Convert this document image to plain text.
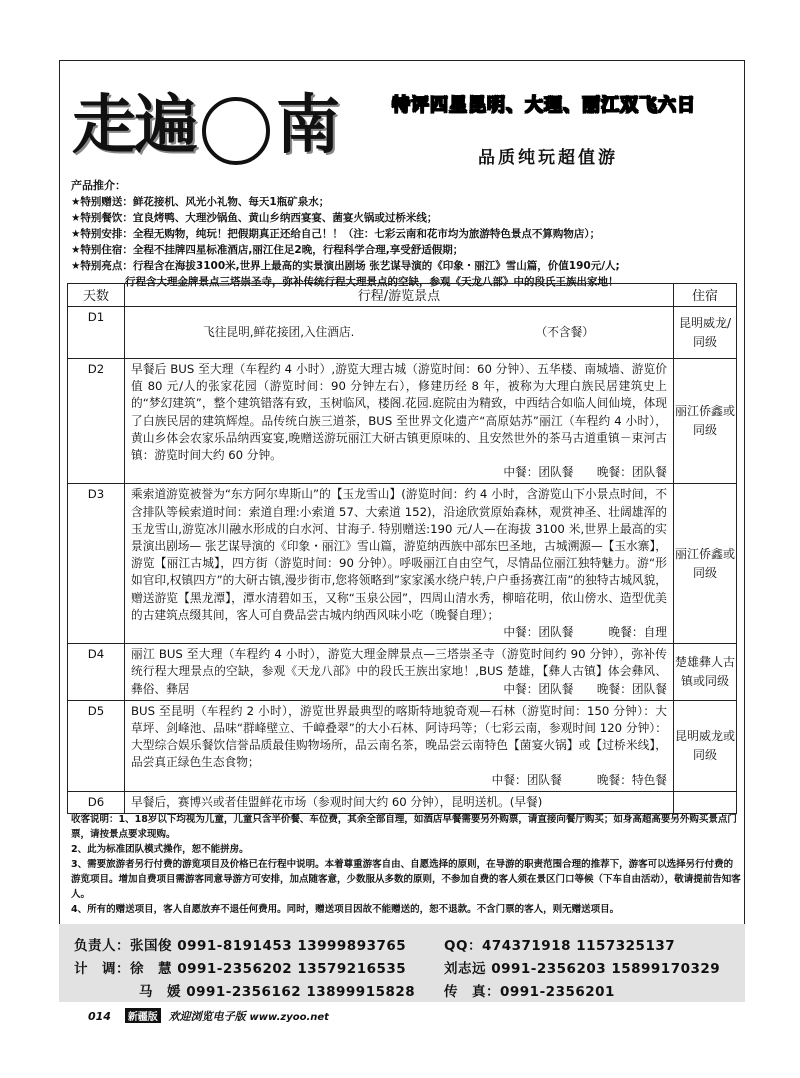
走遍 南	特评四星昆明、大理、丽江双飞六日
品质纯玩超值游
产品推介：
★特别赠送：鲜花接机、风光小礼物、每天1瓶矿泉水；
★特别餐饮：宜良烤鸭、大理沙锅鱼、黄山乡纳西宴宴、菌宴火锅或过桥米线；
★特别安排：全程无购物，纯玩！把假期真正还给自己！！（注：七彩云南和花市均为旅游特色景点不算购物店）；
★特别住宿：全程不挂牌四星标准酒店,丽江住足2晚，行程科学合理,享受舒适假期；
★特别亮点：行程含在海拔3100米,世界上最高的实景演出剧场 张艺谋导演的《印象・丽江》雪山篇，价值190元/人;
行程含大理金牌景点三塔崇圣寺，弥补传统行程大理景点的空缺，参观《天龙八部》中的段氏王族出家地！
天数	行程/游览景点	住宿
D1	飞往昆明,鲜花接团,入住酒店.　　　　　　　　　　　　　　　　（不含餐）	昆明威龙/同级
D2	早餐后 BUS 至大理（车程约 4 小时）,游览大理古城（游览时间：60 分钟）、五华楼、南城墙、游览价值 80 元/人的张家花园（游览时间：90 分钟左右），修建历经 8 年，被称为大理白族民居建筑史上的“梦幻建筑”，整个建筑错落有致，玉树临风，楼阁.花园.庭院由为精致，中西结合如临人间仙境，体现了白族民居的建筑辉煌。品传统白族三道茶，BUS 至世界文化遗产“高原姑苏”丽江（车程约 4 小时），黄山乡体会农家乐品纳西宴宴,晚赠送游玩丽江大研古镇更原味的、且安然世外的茶马古道重镇－束河古镇：游览时间大约 60 分钟。
中餐：团队餐　　晚餐：团队餐	丽江侨鑫或同级
D3	乘索道游览被誉为“东方阿尔卑斯山”的【玉龙雪山】(游览时间：约 4 小时，含游览山下小景点时间，不含排队等候索道时间：索道自理:小索道 57、大索道 152)，沿途欣赏原始森林，观赏神圣、壮阔雄浑的玉龙雪山,游览冰川融水形成的白水河、甘海子. 特别赠送:190 元/人—在海拔 3100 米,世界上最高的实景演出剧场— 张艺谋导演的《印象・丽江》雪山篇，游览纳西族中部东巴圣地，古城溯源—【玉水寨】，游览【丽江古城】，四方街（游览时间：90 分钟）。呼吸丽江自由空气，尽情品位丽江独特魅力。游“形如官印,权镇四方”的大研古镇,漫步街市,您将领略到”家家溪水绕户转,户户垂扬赛江南”的独特古城风貌，赠送游览【黑龙潭】，潭水清碧如玉，又称“玉泉公园”，四周山清水秀，柳暗花明，依山傍水、造型优美的古建筑点缀其间，客人可自费品尝古城内纳西风味小吃（晚餐自理）；
中餐：团队餐　　　晚餐：自理	丽江侨鑫或同级
D4	丽江 BUS 至大理（车程约 4 小时），游览大理金牌景点—三塔崇圣寺（游览时间约 90 分钟），弥补传统行程大理景点的空缺，参观《天龙八部》中的段氏王族出家地！,BUS 楚雄，【彝人古镇】体会彝风、彝俗、彝居 中餐：团队餐　　晚餐：团队餐	楚雄彝人古镇或同级
D5	BUS 至昆明（车程约 2 小时），游览世界最典型的喀斯特地貌奇观—石林（游览时间：150 分钟）：大草坪、剑峰池、品味“群峰壁立、千嶂叠翠”的大小石林、阿诗玛等；（七彩云南，参观时间 120 分钟）：大型综合娱乐餐饮信誉品质最佳购物场所，品云南名茶，晚品尝云南特色【菌宴火锅】或【过桥米线】，品尝真正绿色生态食物；
中餐：团队餐　　　晚餐：特色餐	昆明威龙或同级
D6	早餐后，赛博兴或者佳盟鲜花市场（参观时间大约 60 分钟），昆明送机。(早餐)	
收客说明：1、18岁以下均视为儿童，儿童只含半价餐、车位费，其余全部自理，如酒店早餐需要另外购票，请直接向餐厅购买；如身高超高要另外购买景点门票，请按景点要求现购。
2、此为标准团队模式操作，恕不能拼房。
3、需要旅游者另行付费的游览项目及价格已在行程中说明。本着尊重游客自由、自愿选择的原则，在导游的职责范围合理的推荐下，游客可以选择另行付费的游览项目。增加自费项目需游客同意导游方可安排，加点随客意，少数服从多数的原则，不参加自费的客人须在景区门口等候（下车自由活动），敬请提前告知客人。
4、所有的赠送项目，客人自愿放弃不退任何费用。同时，赠送项目因故不能赠送的，恕不退款。不含门票的客人，则无赠送项目。
负责人：张国俊 0991-8191453 13999893765	QQ：474371918 1157325137
计　调：徐　慧 0991-2356202 13579216535	刘志远 0991-2356203 15899170329
马　媛 0991-2356162 13899915828 传　真：0991-2356201
014 新疆版 欢迎浏览电子版 www.zyoo.net
